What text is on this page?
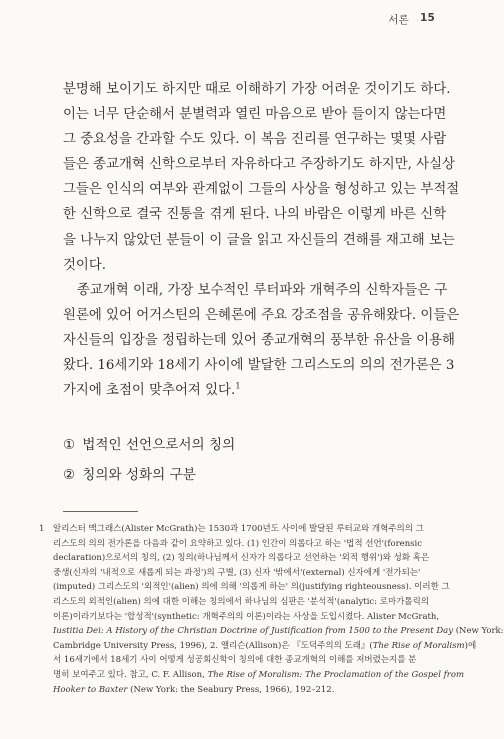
서론 15
분명해 보이기도 하지만 때로 이해하기 가장 어려운 것이기도 하다.
이는 너무 단순해서 분별력과 열린 마음으로 받아 들이지 않는다면
그 중요성을 간과할 수도 있다. 이 복음 진리를 연구하는 몇몇 사람
들은 종교개혁 신학으로부터 자유하다고 주장하기도 하지만, 사실상
그들은 인식의 여부와 관계없이 그들의 사상을 형성하고 있는 부적절
한 신학으로 결국 진통을 겪게 된다. 나의 바람은 이렇게 바른 신학
을 나누지 않았던 분들이 이 글을 읽고 자신들의 견해를 재고해 보는
것이다.
종교개혁 이래, 가장 보수적인 루터파와 개혁주의 신학자들은 구
원론에 있어 어거스틴의 은혜론에 주요 강조점을 공유해왔다. 이들은
자신들의 입장을 정립하는데 있어 종교개혁의 풍부한 유산을 이용해
왔다. 16세기와 18세기 사이에 발달한 그리스도의 의의 전가론은 3
가지에 초점이 맞추어져 있다.$^1$
① 법적인 선언으로서의 칭의
② 칭의와 성화의 구분
1 알리스터 맥그래스(Alister McGrath)는 1530과 1700년도 사이에 발달된 루터교와 개혁주의의 그
리스도의 의의 전가론을 다음과 같이 요약하고 있다. (1) 인간이 의롭다고 하는 '법적 선언'(forensic
declaration)으로서의 칭의, (2) 칭의(하나님께서 신자가 의롭다고 선언하는 '외적 행위')와 성화 혹은
중생(신자의 '내적으로 새롭게 되는 과정')의 구별, (3) 신자 '밖에서'(external) 신자에게 '전가되는'
(imputed) 그리스도의 '외적인'(alien) 의에 의해 '의롭게 하는' 의(justifying righteousness). 이러한 그
리스도의 외적인(alien) 의에 대한 이해는 칭의에서 하나님의 심판은 '분석적'(analytic: 로마가톨릭의
이론)이라기보다는 '합성적'(synthetic: 개혁주의의 이론)이라는 사상을 도입시켰다. Alister McGrath,
Iustitia Dei: A History of the Christian Doctrine of Justification from 1500 to the Present Day (New York:
Cambridge University Press, 1996), 2. 앨리슨(Allison)은 『도덕주의의 도래』(The Rise of Moralism)에
서 16세기에서 18세기 사이 어떻게 성공회신학이 칭의에 대한 종교개혁의 이해를 저버렸는지를 분
명히 보여주고 있다. 참고, C. F. Allison, The Rise of Moralism: The Proclamation of the Gospel from
Hooker to Baxter (New York: the Seabury Press, 1966), 192–212.
